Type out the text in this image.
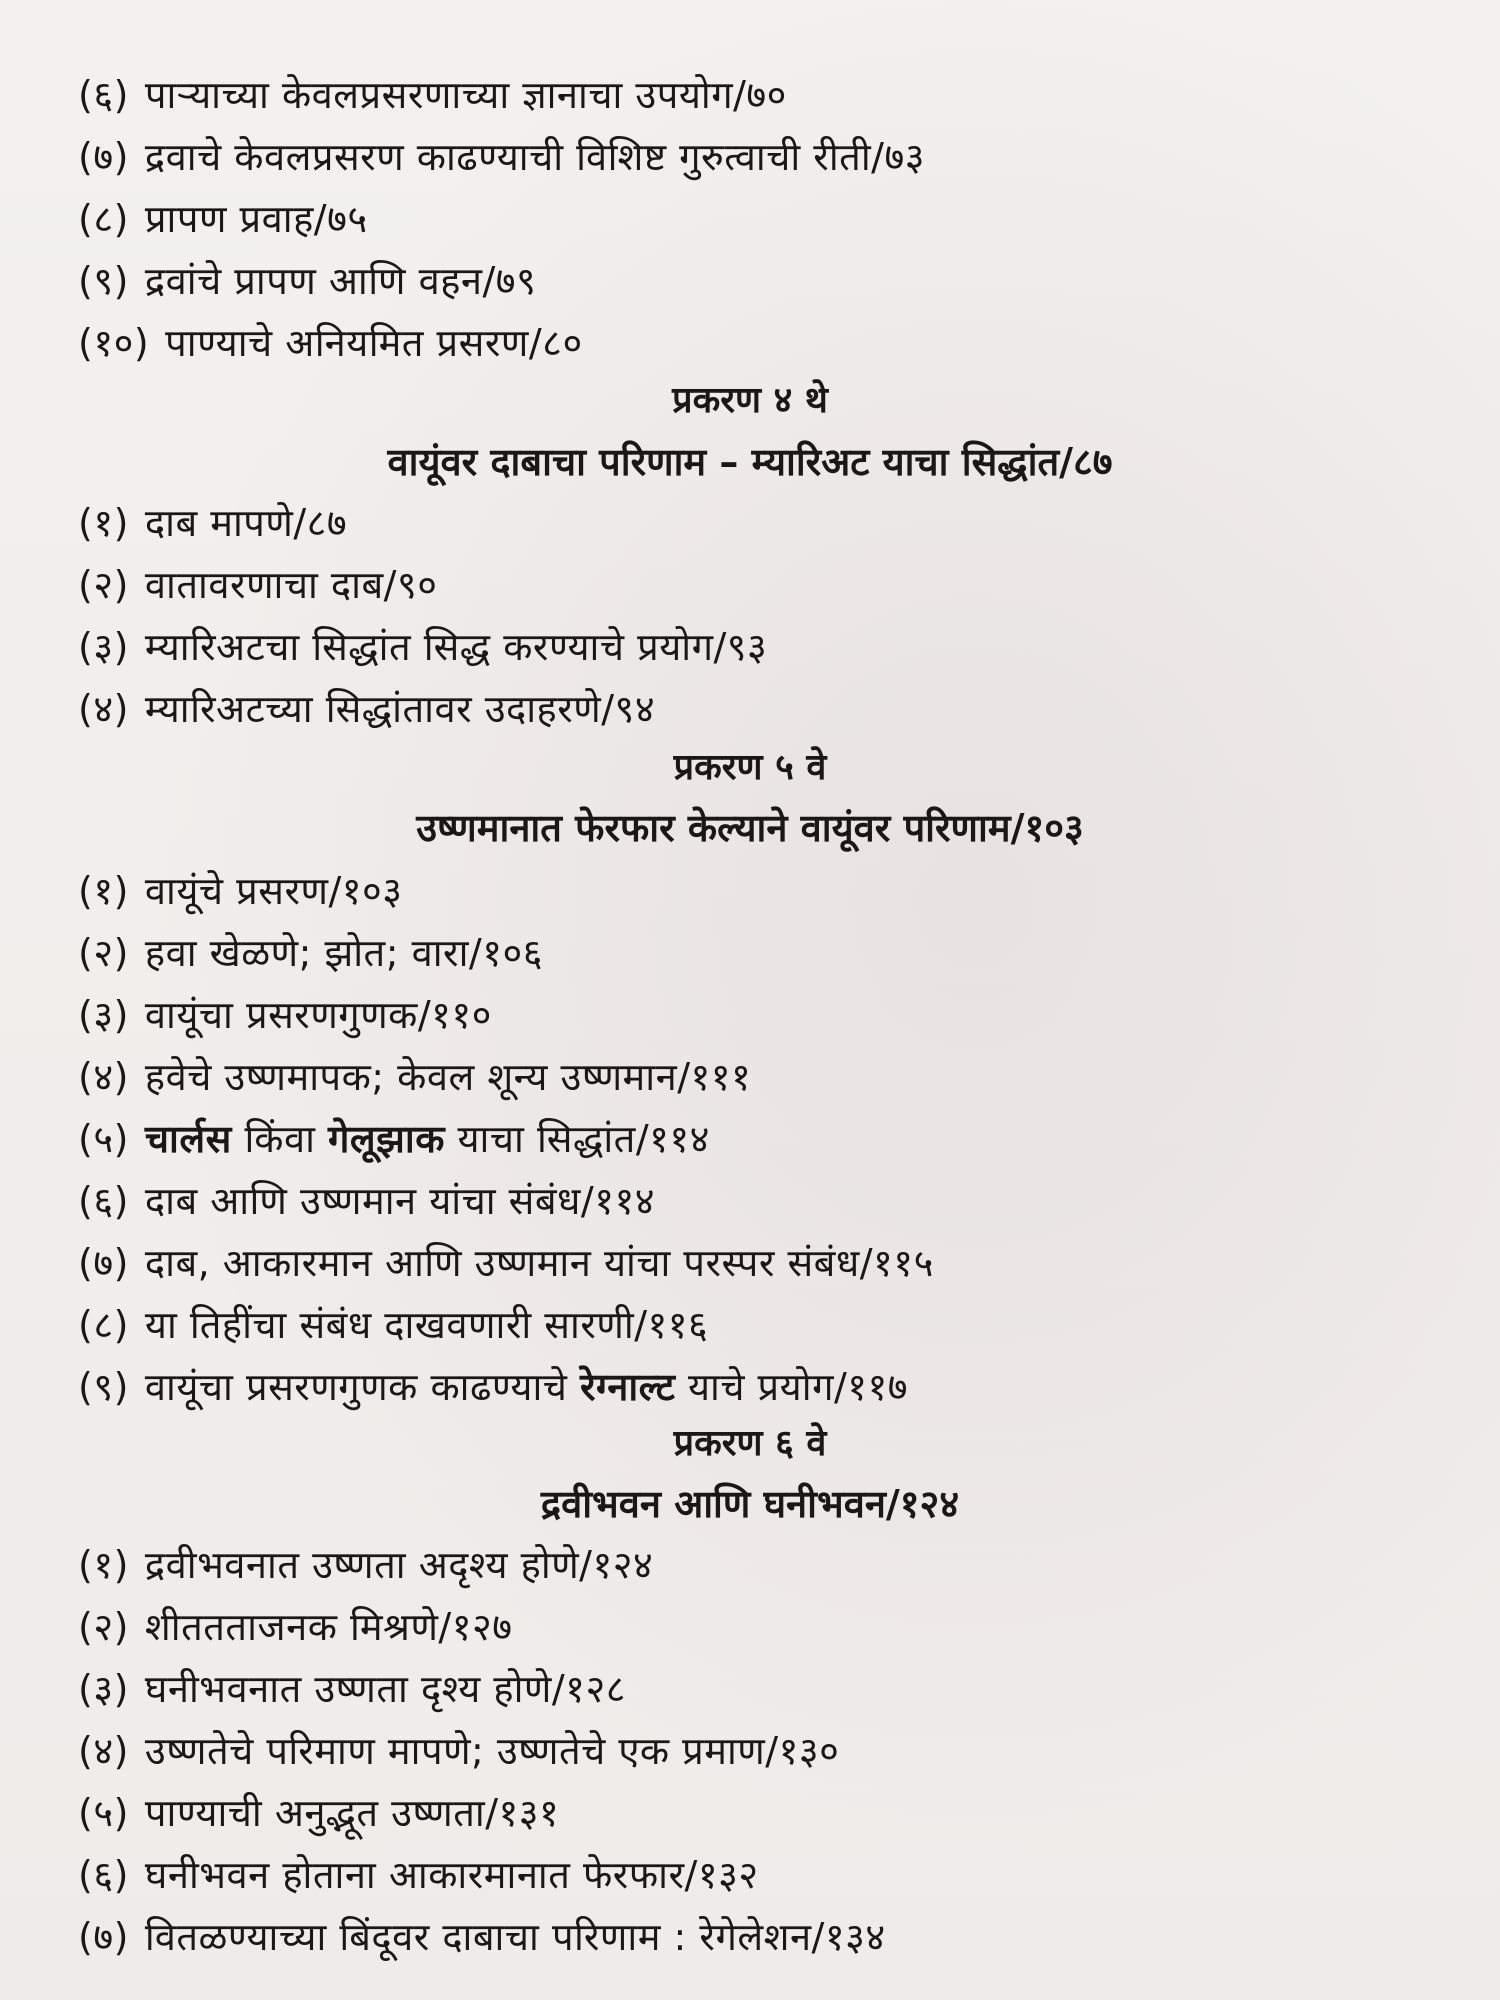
(६) पाऱ्याच्या केवलप्रसरणाच्या ज्ञानाचा उपयोग/७०
(७) द्रवाचे केवलप्रसरण काढण्याची विशिष्ट गुरुत्वाची रीती/७३
(८) प्रापण प्रवाह/७५
(९) द्रवांचे प्रापण आणि वहन/७९
(१०) पाण्याचे अनियमित प्रसरण/८०
प्रकरण ४ थे
वायूंवर दाबाचा परिणाम – म्यारिअट याचा सिद्धांत/८७
(१) दाब मापणे/८७
(२) वातावरणाचा दाब/९०
(३) म्यारिअटचा सिद्धांत सिद्ध करण्याचे प्रयोग/९३
(४) म्यारिअटच्या सिद्धांतावर उदाहरणे/९४
प्रकरण ५ वे
उष्णमानात फेरफार केल्याने वायूंवर परिणाम/१०३
(१) वायूंचे प्रसरण/१०३
(२) हवा खेळणे; झोत; वारा/१०६
(३) वायूंचा प्रसरणगुणक/११०
(४) हवेचे उष्णमापक; केवल शून्य उष्णमान/१११
(५) चार्लस किंवा गेलूझाक याचा सिद्धांत/११४
(६) दाब आणि उष्णमान यांचा संबंध/११४
(७) दाब, आकारमान आणि उष्णमान यांचा परस्पर संबंध/११५
(८) या तिहींचा संबंध दाखवणारी सारणी/११६
(९) वायूंचा प्रसरणगुणक काढण्याचे रेग्नाल्ट याचे प्रयोग/११७
प्रकरण ६ वे
द्रवीभवन आणि घनीभवन/१२४
(१) द्रवीभवनात उष्णता अदृश्य होणे/१२४
(२) शीततताजनक मिश्रणे/१२७
(३) घनीभवनात उष्णता दृश्य होणे/१२८
(४) उष्णतेचे परिमाण मापणे; उष्णतेचे एक प्रमाण/१३०
(५) पाण्याची अनुद्भूत उष्णता/१३१
(६) घनीभवन होताना आकारमानात फेरफार/१३२
(७) वितळण्याच्या बिंदूवर दाबाचा परिणाम : रेगेलेशन/१३४
